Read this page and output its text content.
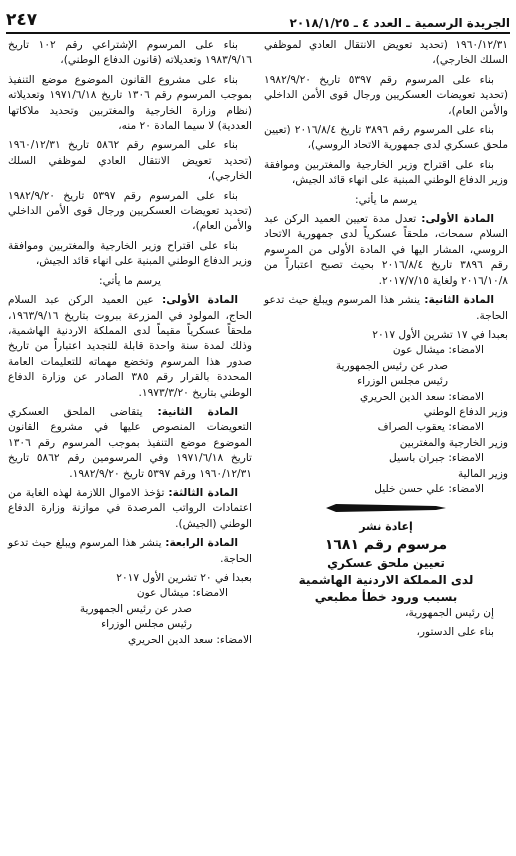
الجريدة الرسمية ـ العدد ٤ ـ ٢٠١٨/١/٢٥
٢٤٧

١٩٦٠/١٢/٣١ (تحديد تعويض الانتقال العادي لموظفي السلك الخارجي)،

بناء على المرسوم رقم ٥٣٩٧ تاريخ ١٩٨٢/٩/٢٠ (تحديد تعويضات العسكريين ورجال قوى الأمن الداخلي والأمن العام)،

بناء على المرسوم رقم ٣٨٩٦ تاريخ ٢٠١٦/٨/٤ (تعيين ملحق عسكري لدى جمهورية الاتحاد الروسي)،

بناء على اقتراح وزير الخارجية والمغتربين وموافقة وزير الدفاع الوطني المبنية على انهاء قائد الجيش،

يرسم ما يأتي:

المادة الأولى: تعدل مدة تعيين العميد الركن عبد السلام سمحات، ملحقاً عسكرياً لدى جمهورية الاتحاد الروسي، المشار اليها في المادة الأولى من المرسوم رقم ٣٨٩٦ تاريخ ٢٠١٦/٨/٤ بحيث تصبح اعتباراً من ٢٠١٦/١٠/٨ ولغاية ٢٠١٧/٧/١٥.

المادة الثانية: ينشر هذا المرسوم ويبلغ حيث تدعو الحاجة.

بعبدا في ١٧ تشرين الأول ٢٠١٧

الامضاء: ميشال عون

صدر عن رئيس الجمهورية

رئيس مجلس الوزراء

الامضاء: سعد الدين الحريري

وزير الدفاع الوطني

الامضاء: يعقوب الصراف

وزير الخارجية والمغتربين

الامضاء: جبران باسيل

وزير المالية

الامضاء: علي حسن خليل

إعادة نشر

مرسوم رقم ١٦٨١

تعيين ملحق عسكري

لدى المملكة الاردنية الهاشمية

بسبب ورود خطأ مطبعي

إن رئيس الجمهورية،

بناء على الدستور،

بناء على المرسوم الإشتراعي رقم ١٠٢ تاريخ ١٩٨٣/٩/١٦ وتعديلاته (قانون الدفاع الوطني)،

بناء على مشروع القانون الموضوع موضع التنفيذ بموجب المرسوم رقم ١٣٠٦ تاريخ ١٩٧١/٦/١٨ وتعديلاته (نظام وزارة الخارجية والمغتربين وتحديد ملاكاتها العددية) لا سيما المادة ٢٠ منه،

بناء على المرسوم رقم ٥٨٦٢ تاريخ ١٩٦٠/١٢/٣١ (تحديد تعويض الانتقال العادي لموظفي السلك الخارجي)،

بناء على المرسوم رقم ٥٣٩٧ تاريخ ١٩٨٢/٩/٢٠ (تحديد تعويضات العسكريين ورجال قوى الأمن الداخلي والأمن العام)،

بناء على اقتراح وزير الخارجية والمغتربين وموافقة وزير الدفاع الوطني المبنية على انهاء قائد الجيش،

يرسم ما يأتي:

المادة الأولى: عين العميد الركن عبد السلام الحاج، المولود في المزرعة ببروت بتاريخ ١٩٦٣/٩/١٦، ملحقاً عسكرياً مقيماً لدى المملكة الاردنية الهاشمية، وذلك لمدة سنة واحدة قابلة للتجديد اعتباراً من تاريخ صدور هذا المرسوم وتخضع مهماته للتعليمات العامة المحددة بالقرار رقم ٣٨٥ الصادر عن وزارة الدفاع الوطني بتاريخ ١٩٧٣/٣/٢٠.

المادة الثانية: يتقاضى الملحق العسكري التعويضات المنصوص عليها في مشروع القانون الموضوع موضع التنفيذ بموجب المرسوم رقم ١٣٠٦ تاريخ ١٩٧١/٦/١٨ وفي المرسومين رقم ٥٨٦٢ تاريخ ١٩٦٠/١٢/٣١ ورقم ٥٣٩٧ تاريخ ١٩٨٢/٩/٢٠.

المادة الثالثة: تؤخذ الاموال اللازمة لهذه الغاية من اعتمادات الرواتب المرصدة في موازنة وزارة الدفاع الوطني (الجيش).

المادة الرابعة: ينشر هذا المرسوم ويبلغ حيث تدعو الحاجة.

بعبدا في ٢٠ تشرين الأول ٢٠١٧

الامضاء: ميشال عون

صدر عن رئيس الجمهورية

رئيس مجلس الوزراء

الامضاء: سعد الدين الحريري
